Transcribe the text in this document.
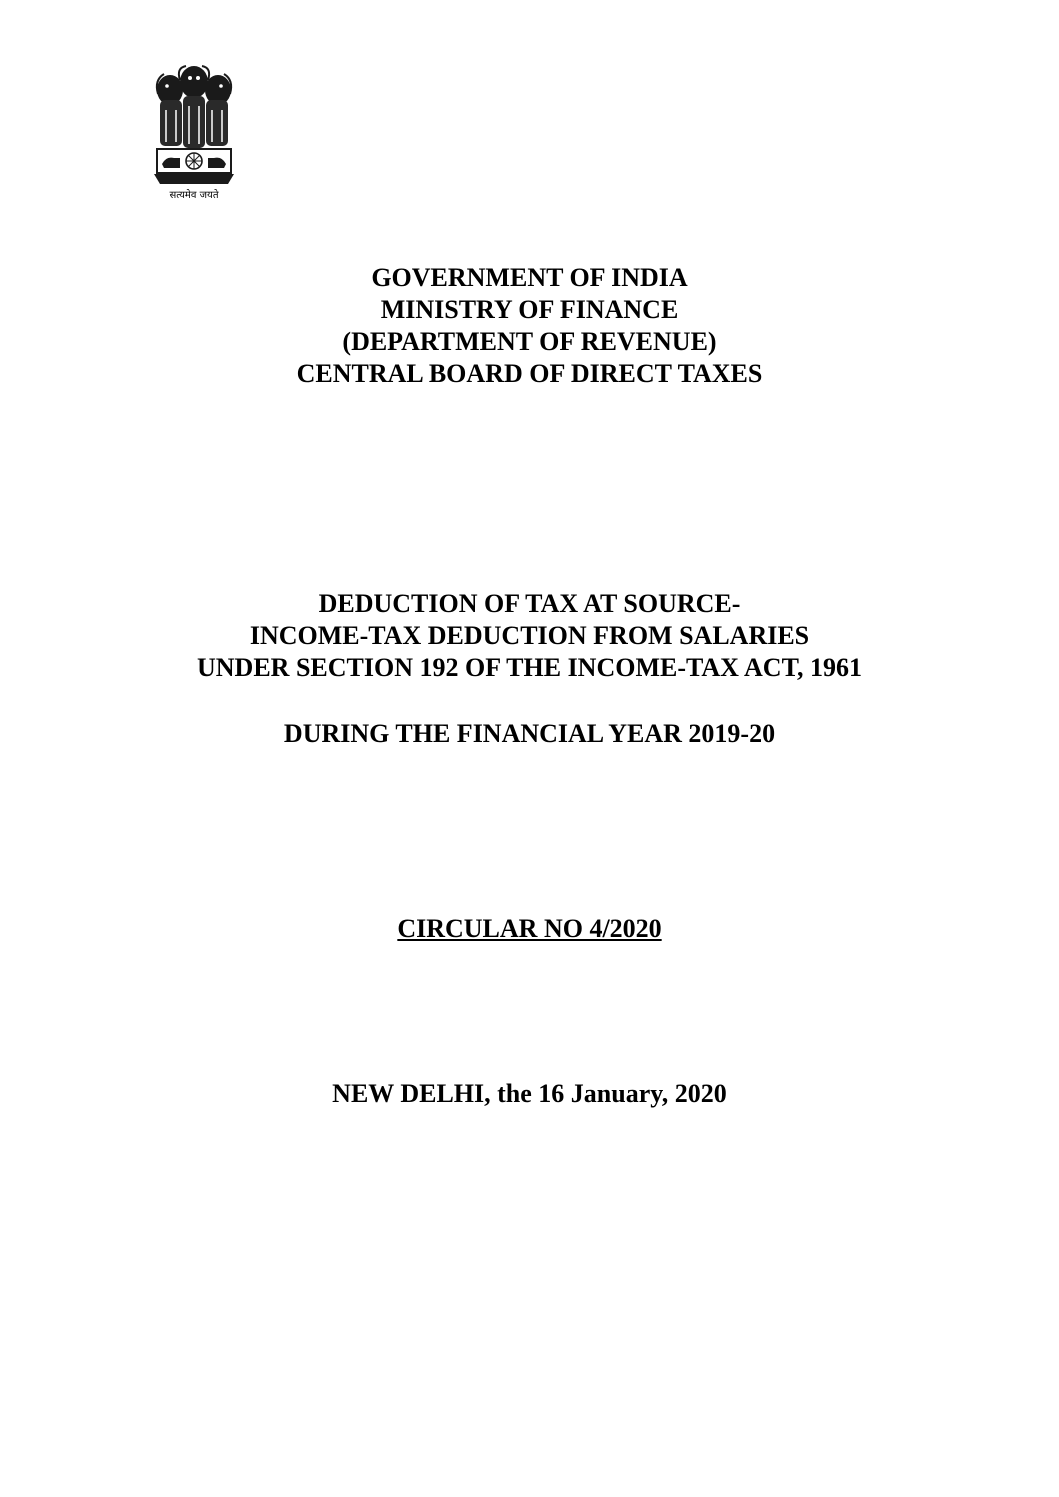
सत्यमेव जयते
GOVERNMENT OF INDIA
MINISTRY OF FINANCE
(DEPARTMENT OF REVENUE)
CENTRAL BOARD OF DIRECT TAXES
DEDUCTION OF TAX AT SOURCE-
INCOME-TAX DEDUCTION FROM SALARIES
UNDER SECTION 192 OF THE INCOME-TAX ACT, 1961
DURING THE FINANCIAL YEAR 2019-20
CIRCULAR NO 4/2020
NEW DELHI, the 16 January, 2020
